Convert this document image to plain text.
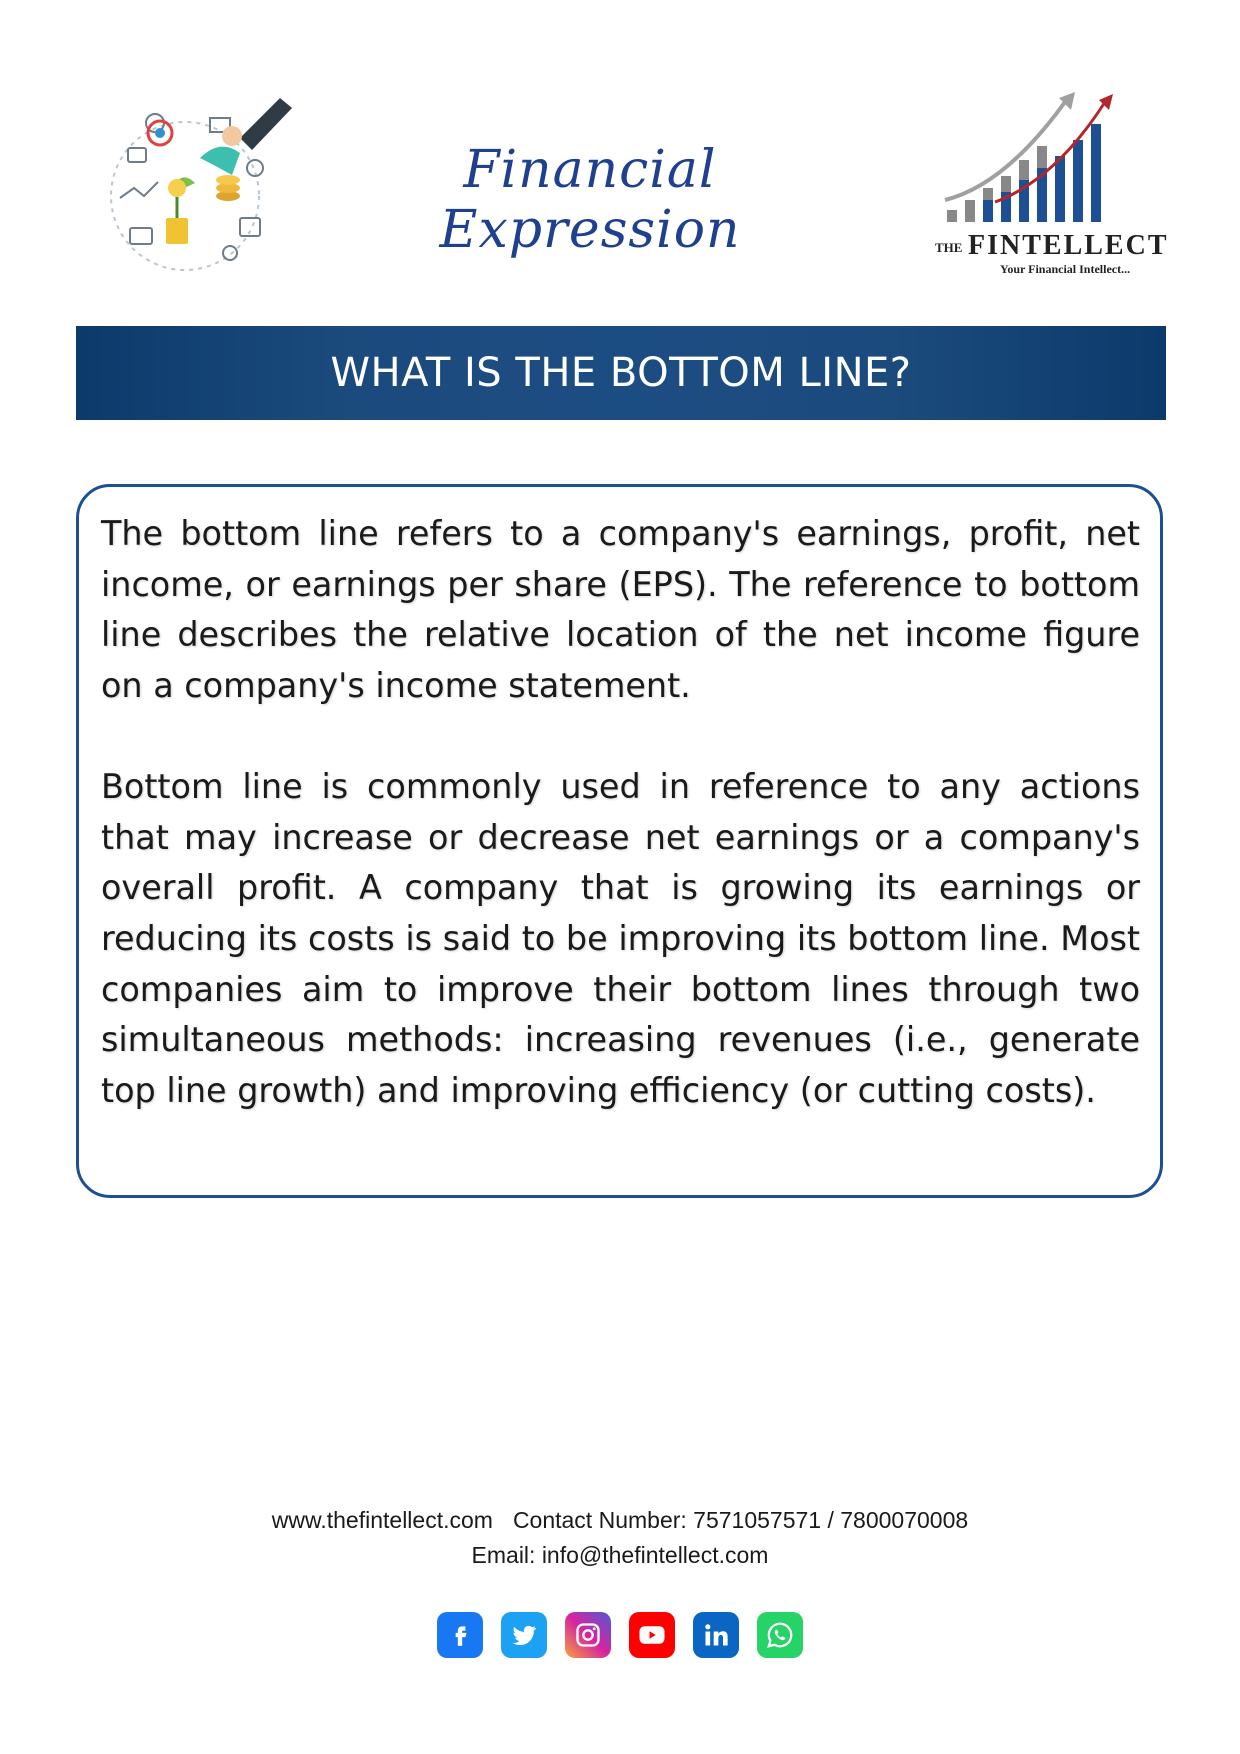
Financial Expression	THE FINTELLECT
Your Financial Intellect...
WHAT IS THE BOTTOM LINE?

The bottom line refers to a company's earnings, profit, net income, or earnings per share (EPS). The reference to bottom line describes the relative location of the net income figure on a company's income statement.

Bottom line is commonly used in reference to any actions that may increase or decrease net earnings or a company's overall profit. A company that is growing its earnings or reducing its costs is said to be improving its bottom line. Most companies aim to improve their bottom lines through two simultaneous methods: increasing revenues (i.e., generate top line growth) and improving efficiency (or cutting costs).

www.thefintellect.com Contact Number: 7571057571 / 7800070008
Email: info@thefintellect.com
